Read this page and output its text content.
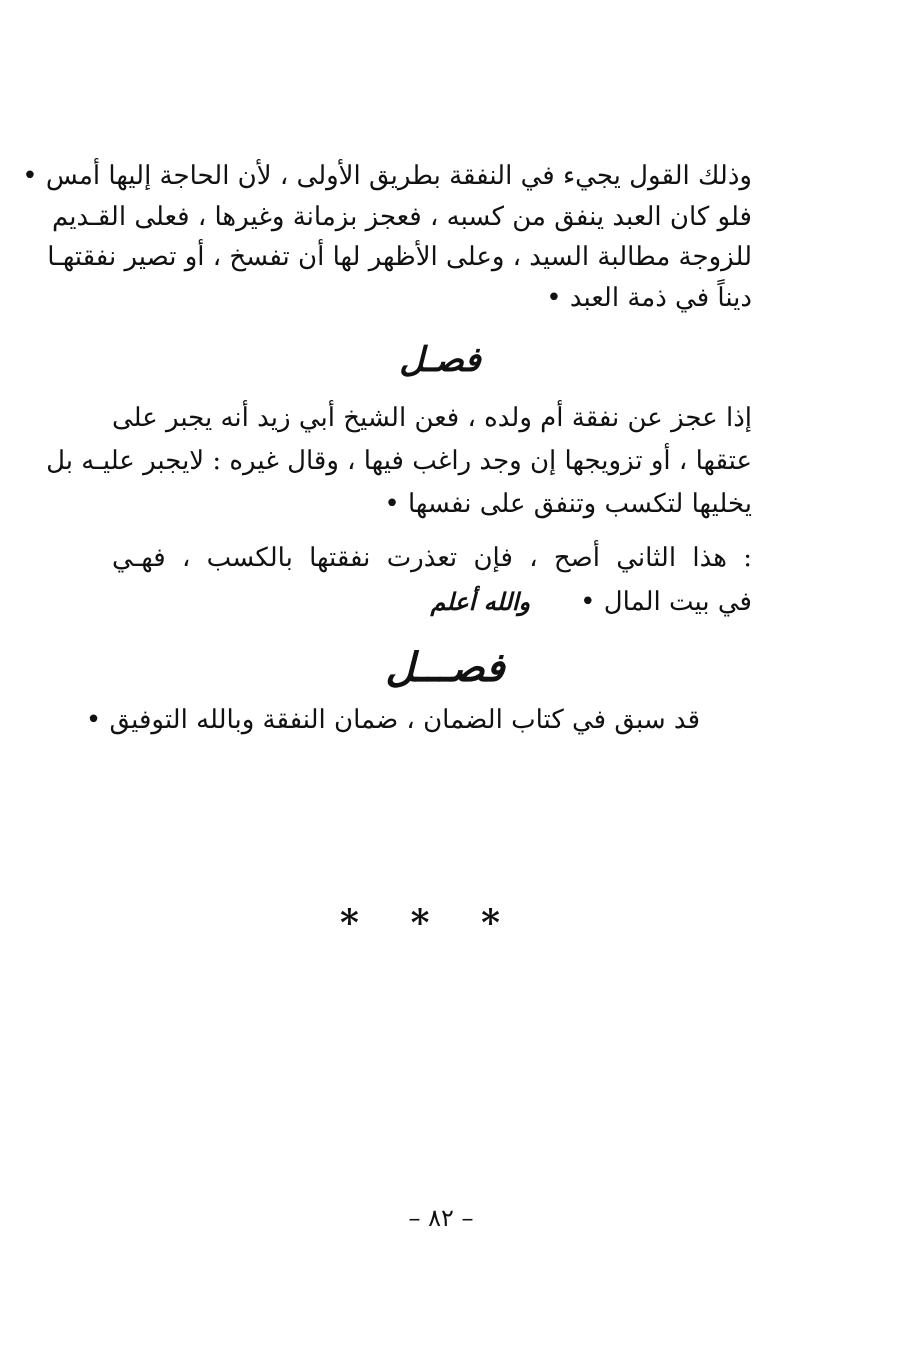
وذلك القول يجيء في النفقة بطريق الأولى ، لأن الحاجة إليها أمس •
فلو كان العبد ينفق من كسبه ، فعجز بزمانة وغيرها ، فعلى القـديم
للزوجة مطالبة السيد ، وعلى الأظهر لها أن تفسخ ، أو تصير نفقتهـا
ديناً في ذمة العبد •
فصـل
إذا عجز عن نفقة أم ولده ، فعن الشيخ أبي زيد أنه يجبر على
عتقها ، أو تزويجها إن وجد راغب فيها ، وقال غيره : لايجبر عليـه بل
يخليها لتكسب وتنفق على نفسها •
: هذا الثاني أصح ، فإن تعذرت نفقتها بالكسب ، فهـي
في بيت المال •والله أعلم
فصـــل
قد سبق في كتاب الضمان ، ضمان النفقة وبالله التوفيق •
* * *
– ٨٢ –
